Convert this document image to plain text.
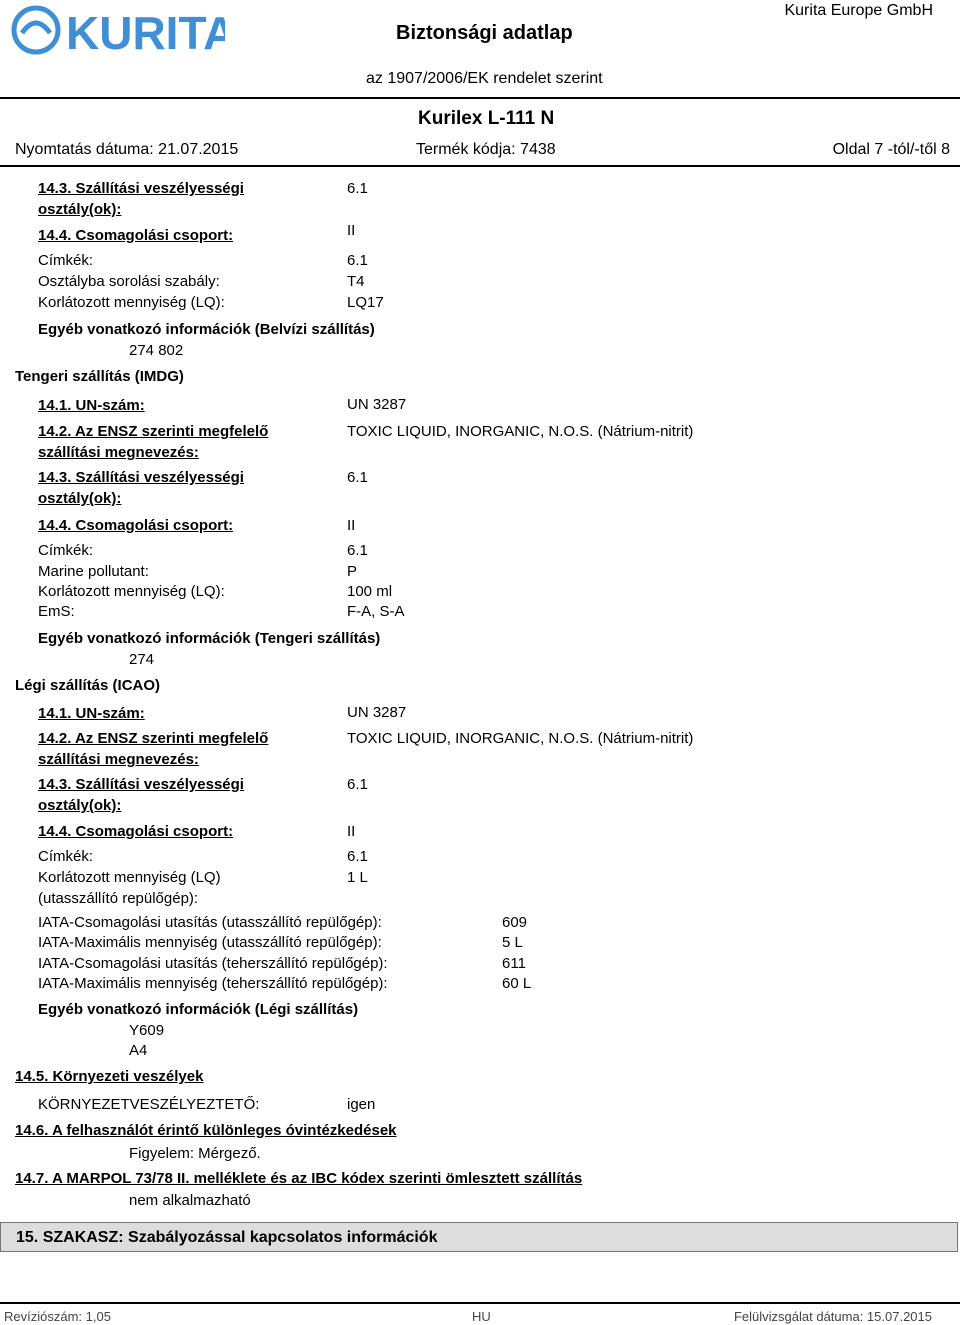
KURITA	Biztonsági adatlap
Kurita Europe GmbH
az 1907/2006/EK rendelet szerint
Kurilex L-111 N
Nyomtatás dátuma: 21.07.2015	Termék kódja: 7438	Oldal 7 -tól/-től 8
14.3. Szállítási veszélyességi
osztály(ok):
6.1
14.4. Csomagolási csoport:	II
Címkék:	6.1
Osztályba sorolási szabály:	T4
Korlátozott mennyiség (LQ):	LQ17
Egyéb vonatkozó információk (Belvízi szállítás)
274 802
Tengeri szállítás (IMDG)
14.1. UN-szám:	UN 3287
14.2. Az ENSZ szerinti megfelelő
szállítási megnevezés:
TOXIC LIQUID, INORGANIC, N.O.S. (Nátrium-nitrit)
14.3. Szállítási veszélyességi
osztály(ok):
6.1
14.4. Csomagolási csoport:	II
Címkék:	6.1
Marine pollutant:	P
Korlátozott mennyiség (LQ):	100 ml
EmS:	F-A, S-A
Egyéb vonatkozó információk (Tengeri szállítás)
274
Légi szállítás (ICAO)
14.1. UN-szám:	UN 3287
14.2. Az ENSZ szerinti megfelelő
szállítási megnevezés:
TOXIC LIQUID, INORGANIC, N.O.S. (Nátrium-nitrit)
14.3. Szállítási veszélyességi
osztály(ok):
6.1
14.4. Csomagolási csoport:	II
Címkék:	6.1
Korlátozott mennyiség (LQ)
(utasszállító repülőgép):
1 L
IATA-Csomagolási utasítás (utasszállító repülőgép):	609
IATA-Maximális mennyiség (utasszállító repülőgép):	5 L
IATA-Csomagolási utasítás (teherszállító repülőgép):	611
IATA-Maximális mennyiség (teherszállító repülőgép):	60 L
Egyéb vonatkozó információk (Légi szállítás)
Y609
A4
14.5. Környezeti veszélyek
KÖRNYEZETVESZÉLYEZTETŐ:	igen
14.6. A felhasználót érintő különleges óvintézkedések
Figyelem: Mérgező.
14.7. A MARPOL 73/78 II. melléklete és az IBC kódex szerinti ömlesztett szállítás
nem alkalmazható
15. SZAKASZ: Szabályozással kapcsolatos információk
Revíziószám: 1,05	HU	Felülvizsgálat dátuma: 15.07.2015
